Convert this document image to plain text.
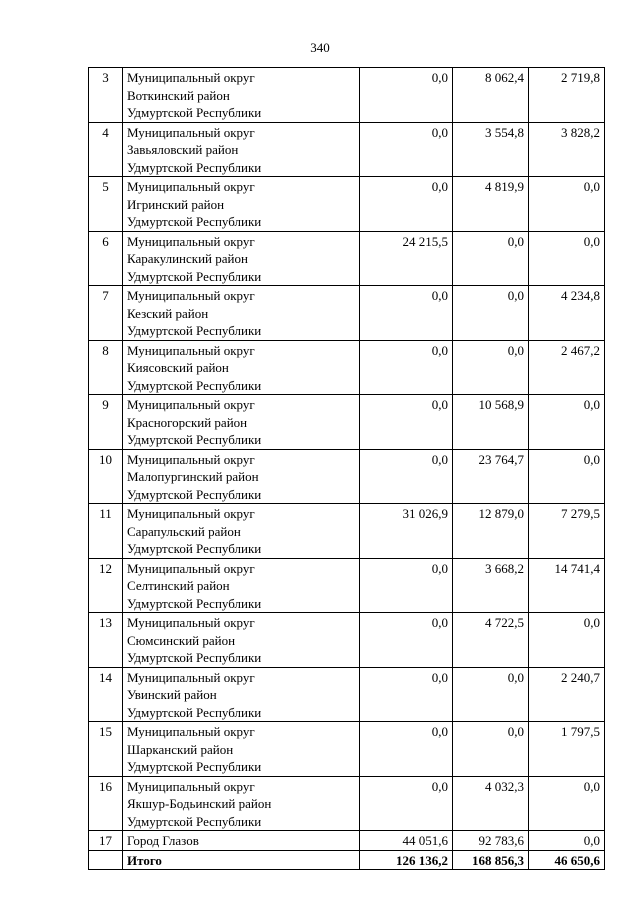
340
3	Муниципальный округ
Воткинский район
Удмуртской Республики	0,0	8 062,4	2 719,8
4	Муниципальный округ
Завьяловский район
Удмуртской Республики	0,0	3 554,8	3 828,2
5	Муниципальный округ
Игринский район
Удмуртской Республики	0,0	4 819,9	0,0
6	Муниципальный округ
Каракулинский район
Удмуртской Республики	24 215,5	0,0	0,0
7	Муниципальный округ
Кезский район
Удмуртской Республики	0,0	0,0	4 234,8
8	Муниципальный округ
Киясовский район
Удмуртской Республики	0,0	0,0	2 467,2
9	Муниципальный округ
Красногорский район
Удмуртской Республики	0,0	10 568,9	0,0
10	Муниципальный округ
Малопургинский район
Удмуртской Республики	0,0	23 764,7	0,0
11	Муниципальный округ
Сарапульский район
Удмуртской Республики	31 026,9	12 879,0	7 279,5
12	Муниципальный округ
Селтинский район
Удмуртской Республики	0,0	3 668,2	14 741,4
13	Муниципальный округ
Сюмсинский район
Удмуртской Республики	0,0	4 722,5	0,0
14	Муниципальный округ
Увинский район
Удмуртской Республики	0,0	0,0	2 240,7
15	Муниципальный округ
Шарканский район
Удмуртской Республики	0,0	0,0	1 797,5
16	Муниципальный округ
Якшур-Бодьинский район
Удмуртской Республики	0,0	4 032,3	0,0
17	Город Глазов	44 051,6	92 783,6	0,0
	Итого	126 136,2	168 856,3	46 650,6
